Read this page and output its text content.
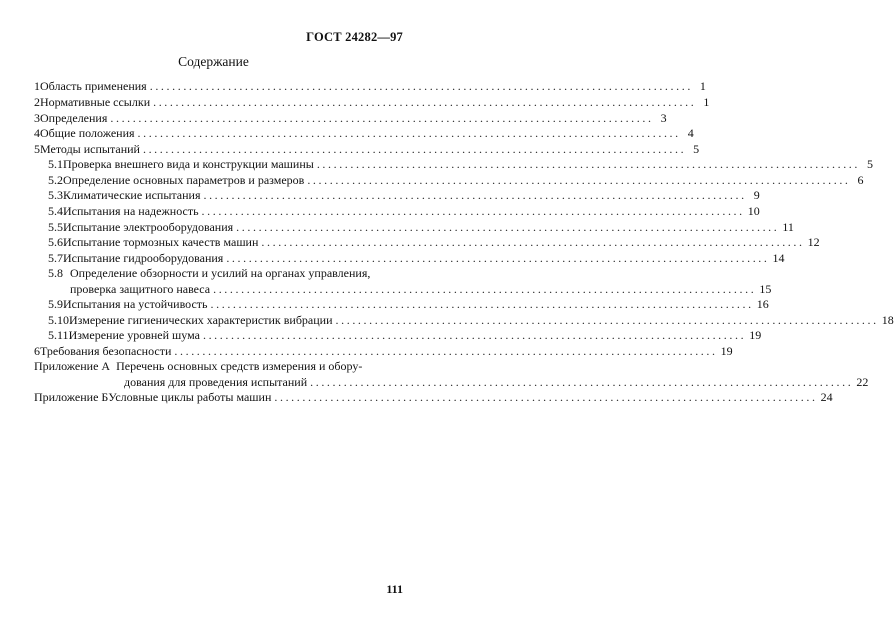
ГОСТ 24282—97
Содержание
1 Область применения ................................................................................................. 1
2 Нормативные ссылки ................................................................................................. 1
3 Определения ................................................................................................. 3
4 Общие положения ................................................................................................. 4
5 Методы испытаний ................................................................................................. 5
5.1 Проверка внешнего вида и конструкции машины ................................................................................................. 5
5.2 Определение основных параметров и размеров ................................................................................................. 6
5.3 Климатические испытания ................................................................................................. 9
5.4 Испытания на надежность ................................................................................................. 10
5.5 Испытание электрооборудования ................................................................................................. 11
5.6 Испытание тормозных качеств машин ................................................................................................. 12
5.7 Испытание гидрооборудования ................................................................................................. 14
5.8 Определение обзорности и усилий на органах управления,
проверка защитного навеса ................................................................................................. 15
5.9 Испытания на устойчивость ................................................................................................. 16
5.10 Измерение гигиенических характеристик вибрации ................................................................................................. 18
5.11 Измерение уровней шума ................................................................................................. 19
6 Требования безопасности ................................................................................................. 19
Приложение А Перечень основных средств измерения и обору-
дования для проведения испытаний ................................................................................................. 22
Приложение Б Условные циклы работы машин ................................................................................................. 24
111
